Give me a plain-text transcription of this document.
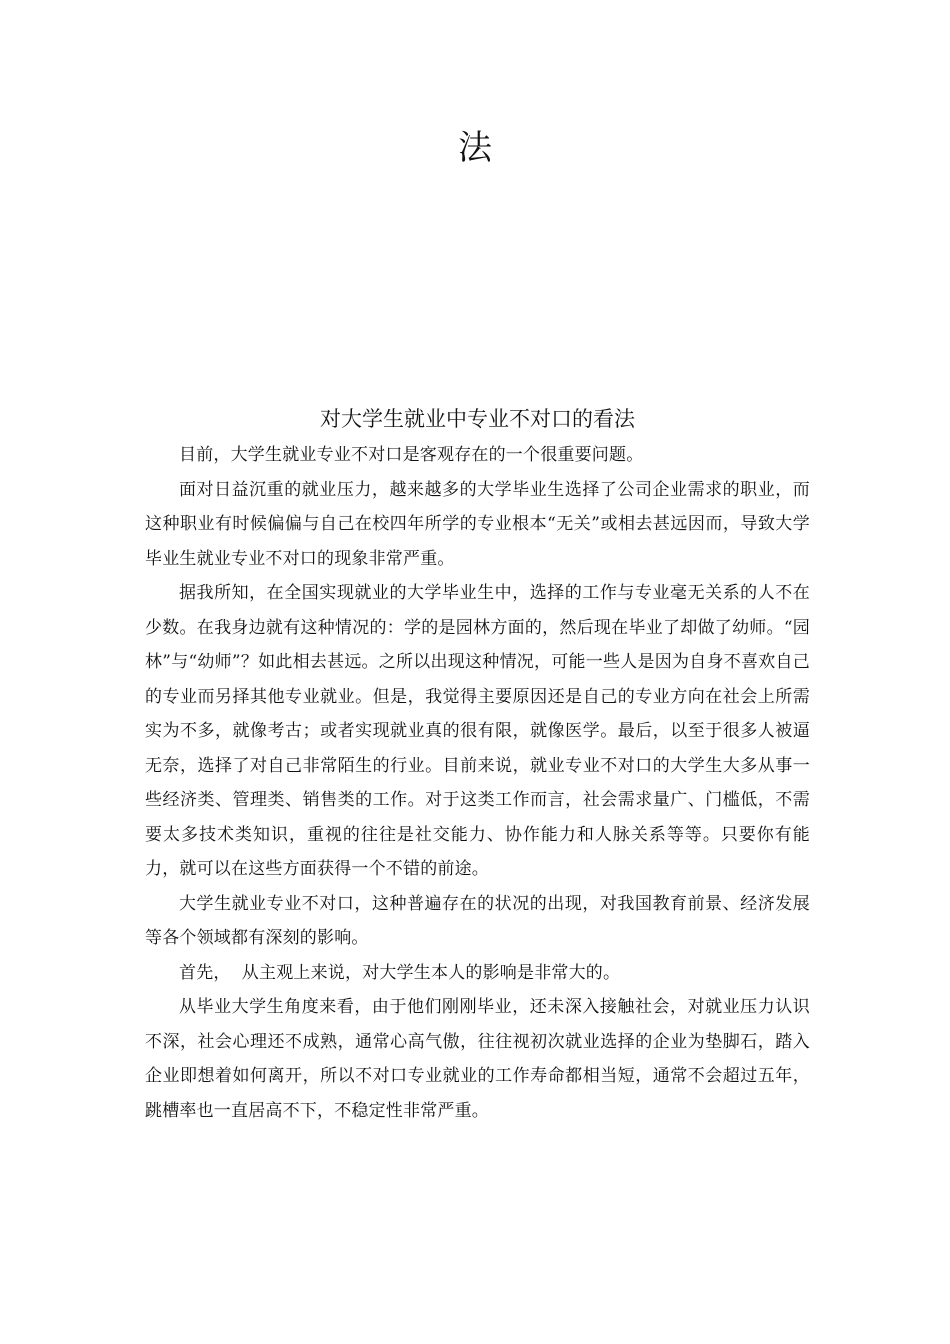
法
对大学生就业中专业不对口的看法

目前，大学生就业专业不对口是客观存在的一个很重要问题。

面对日益沉重的就业压力，越来越多的大学毕业生选择了公司企业需求的职业，而这种职业有时候偏偏与自己在校四年所学的专业根本“无关”或相去甚远因而，导致大学毕业生就业专业不对口的现象非常严重。

据我所知，在全国实现就业的大学毕业生中，选择的工作与专业毫无关系的人不在少数。在我身边就有这种情况的：学的是园林方面的，然后现在毕业了却做了幼师。“园林”与“幼师”？如此相去甚远。之所以出现这种情况，可能一些人是因为自身不喜欢自己的专业而另择其他专业就业。但是，我觉得主要原因还是自己的专业方向在社会上所需实为不多，就像考古；或者实现就业真的很有限，就像医学。最后，以至于很多人被逼无奈，选择了对自己非常陌生的行业。目前来说，就业专业不对口的大学生大多从事一些经济类、管理类、销售类的工作。对于这类工作而言，社会需求量广、门槛低，不需要太多技术类知识，重视的往往是社交能力、协作能力和人脉关系等等。只要你有能力，就可以在这些方面获得一个不错的前途。

大学生就业专业不对口，这种普遍存在的状况的出现，对我国教育前景、经济发展等各个领域都有深刻的影响。

首先，  从主观上来说，对大学生本人的影响是非常大的。

从毕业大学生角度来看，由于他们刚刚毕业，还未深入接触社会，对就业压力认识不深，社会心理还不成熟，通常心高气傲，往往视初次就业选择的企业为垫脚石，踏入企业即想着如何离开，所以不对口专业就业的工作寿命都相当短，通常不会超过五年，跳槽率也一直居高不下，不稳定性非常严重。
